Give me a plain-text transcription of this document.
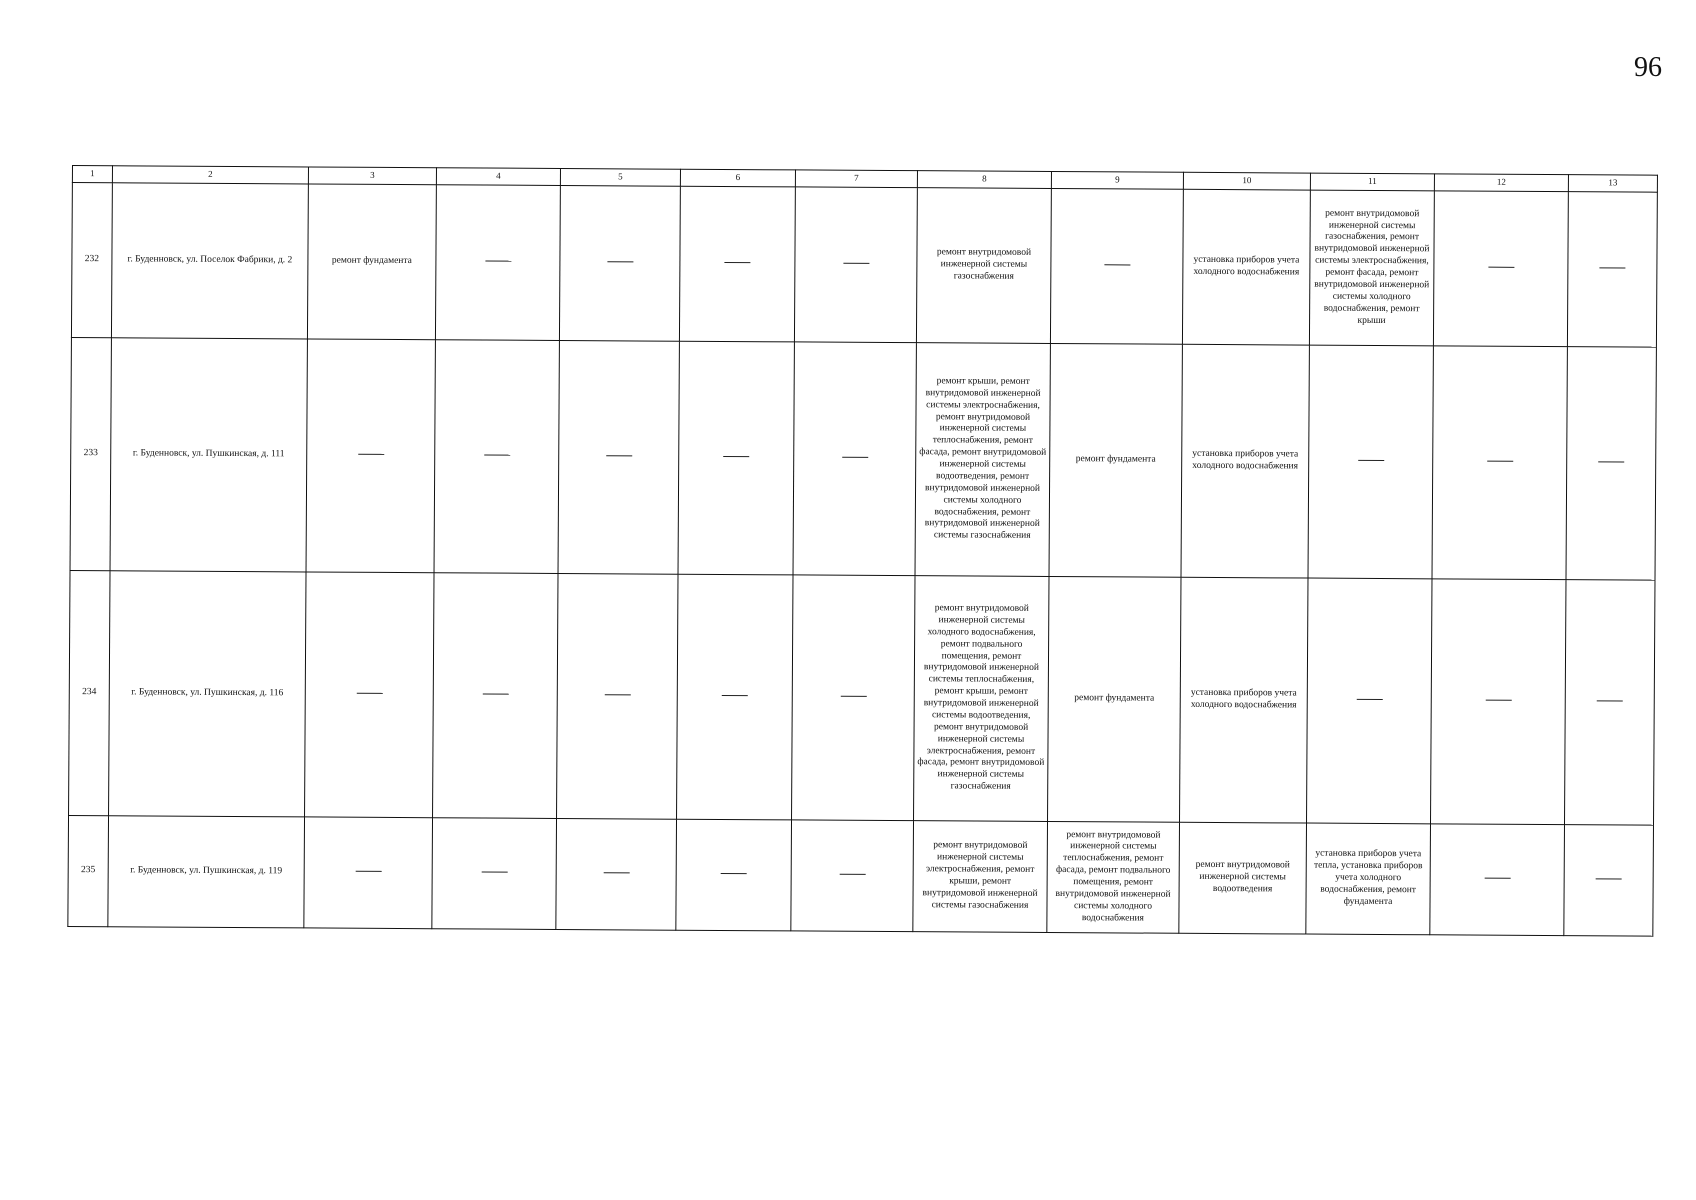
96
1	2	3	4	5	6	7	8	9	10	11	12	13
232	г. Буденновск, ул. Поселок Фабрики, д. 2	ремонт фундамента					ремонт внутридомовой инженерной системы газоснабжения		установка приборов учета холодного водоснабжения	ремонт внутридомовой инженерной системы газоснабжения, ремонт внутридомовой инженерной системы электроснабжения, ремонт фасада, ремонт внутридомовой инженерной системы холодного водоснабжения, ремонт крыши		
233	г. Буденновск, ул. Пушкинская, д. 111						ремонт крыши, ремонт внутридомовой инженерной системы электроснабжения, ремонт внутридомовой инженерной системы теплоснабжения, ремонт фасада, ремонт внутридомовой инженерной системы водоотведения, ремонт внутридомовой инженерной системы холодного водоснабжения, ремонт внутридомовой инженерной системы газоснабжения	ремонт фундамента	установка приборов учета холодного водоснабжения			
234	г. Буденновск, ул. Пушкинская, д. 116						ремонт внутридомовой инженерной системы холодного водоснабжения, ремонт подвального помещения, ремонт внутридомовой инженерной системы теплоснабжения, ремонт крыши, ремонт внутридомовой инженерной системы водоотведения, ремонт внутридомовой инженерной системы электроснабжения, ремонт фасада, ремонт внутридомовой инженерной системы газоснабжения	ремонт фундамента	установка приборов учета холодного водоснабжения			
235	г. Буденновск, ул. Пушкинская, д. 119						ремонт внутридомовой инженерной системы электроснабжения, ремонт крыши, ремонт внутридомовой инженерной системы газоснабжения	ремонт внутридомовой инженерной системы теплоснабжения, ремонт фасада, ремонт подвального помещения, ремонт внутридомовой инженерной системы холодного водоснабжения	ремонт внутридомовой инженерной системы водоотведения	установка приборов учета тепла, установка приборов учета холодного водоснабжения, ремонт фундамента		
